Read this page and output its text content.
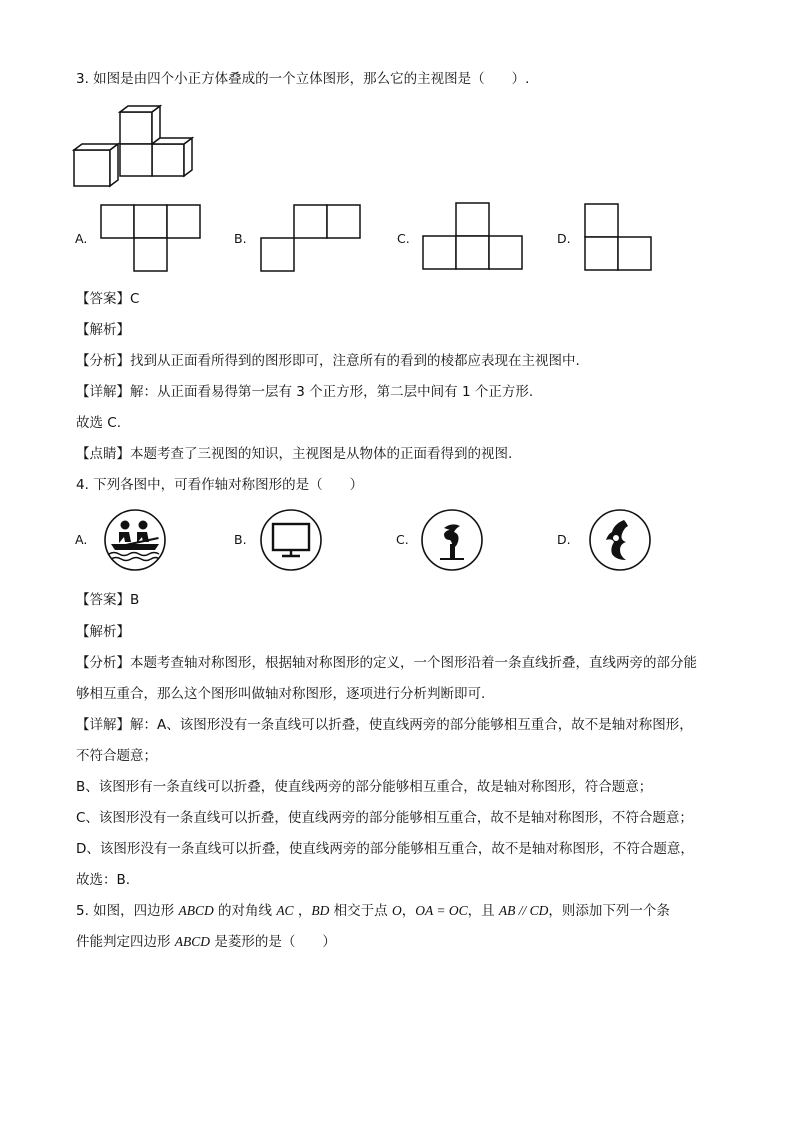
3. 如图是由四个小正方体叠成的一个立体图形，那么它的主视图是（　　）.
A.	B.	C.	D.
【答案】C
【解析】
【分析】找到从正面看所得到的图形即可，注意所有的看到的棱都应表现在主视图中.
【详解】解：从正面看易得第一层有 3 个正方形，第二层中间有 1 个正方形.
故选 C.
【点睛】本题考查了三视图的知识，主视图是从物体的正面看得到的视图.
4. 下列各图中，可看作轴对称图形的是（　　）
A.	B.	C.	D.
【答案】B
【解析】
【分析】本题考查轴对称图形，根据轴对称图形的定义，一个图形沿着一条直线折叠，直线两旁的部分能
够相互重合，那么这个图形叫做轴对称图形，逐项进行分析判断即可.
【详解】解：A、该图形没有一条直线可以折叠，使直线两旁的部分能够相互重合，故不是轴对称图形，
不符合题意；
B、该图形有一条直线可以折叠，使直线两旁的部分能够相互重合，故是轴对称图形，符合题意；
C、该图形没有一条直线可以折叠，使直线两旁的部分能够相互重合，故不是轴对称图形，不符合题意；
D、该图形没有一条直线可以折叠，使直线两旁的部分能够相互重合，故不是轴对称图形，不符合题意，
故选：B.
5. 如图，四边形 ABCD 的对角线 AC ，BD 相交于点 O，OA = OC，且 AB // CD，则添加下列一个条
件能判定四边形 ABCD 是菱形的是（　　）
